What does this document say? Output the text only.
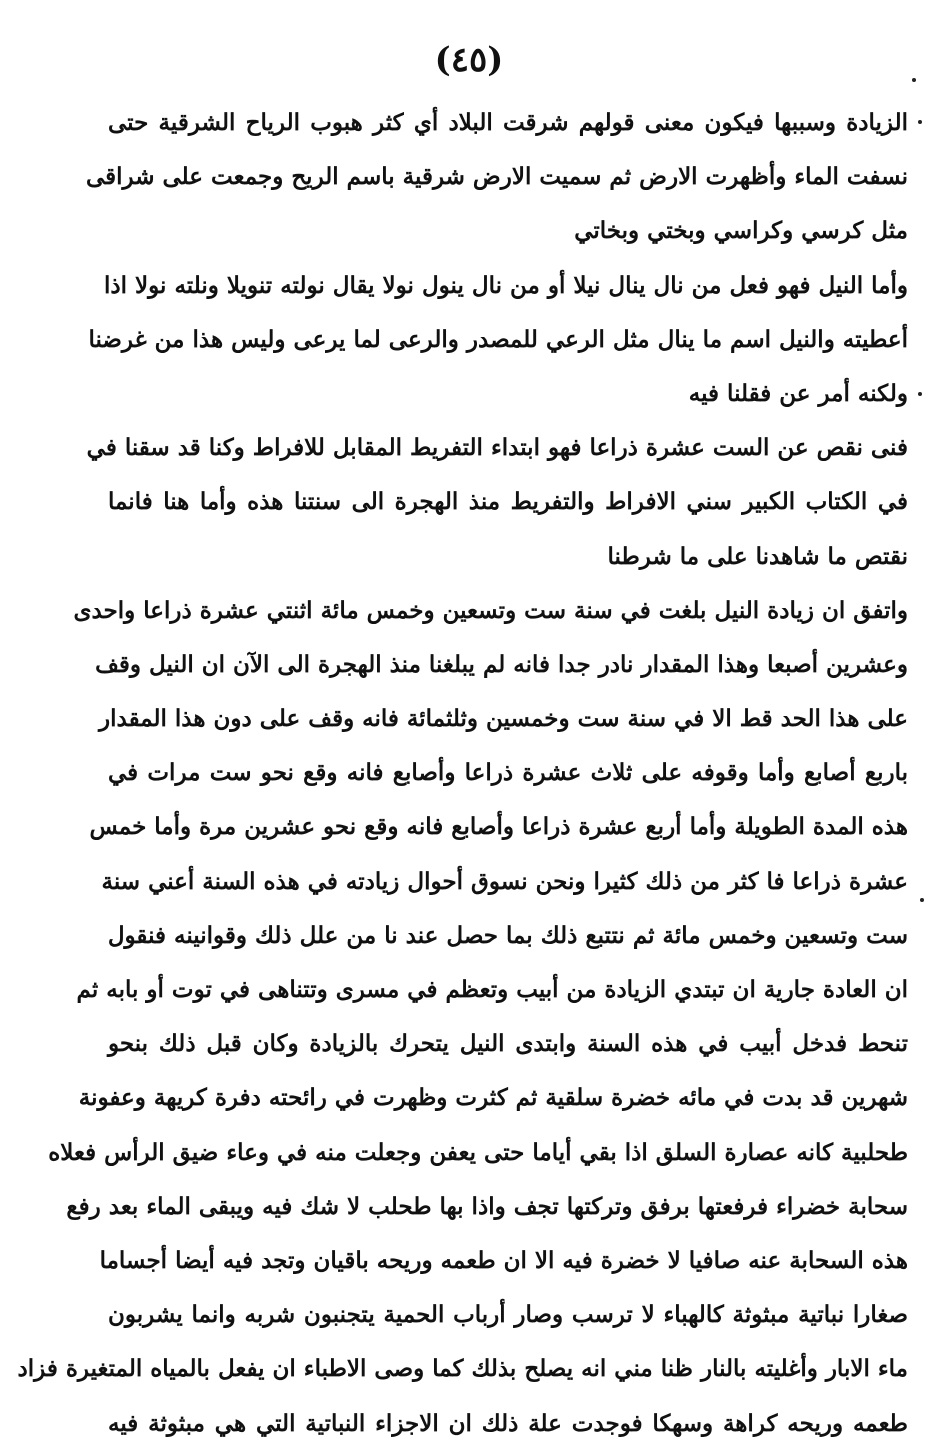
(٤٥)
الزيادة وسببها فيكون معنى قولهم شرقت البلاد أي كثر هبوب الرياح الشرقية حتى
نسفت الماء وأظهرت الارض ثم سميت الارض شرقية باسم الريح وجمعت على شراقى
مثل كرسي وكراسي وبختي وبخاتي
وأما النيل فهو فعل من نال ينال نيلا أو من نال ينول نولا يقال نولته تنويلا ونلته نولا اذا
أعطيته والنيل اسم ما ينال مثل الرعي للمصدر والرعى لما يرعى وليس هذا من غرضنا
ولكنه أمر عن فقلنا فيه
فنى نقص عن الست عشرة ذراعا فهو ابتداء التفريط المقابل للافراط وكنا قد سقنا في
في الكتاب الكبير سني الافراط والتفريط منذ الهجرة الى سنتنا هذه وأما هنا فانما
نقتص ما شاهدنا على ما شرطنا
واتفق ان زيادة النيل بلغت في سنة ست وتسعين وخمس مائة اثنتي عشرة ذراعا واحدى
وعشرين أصبعا وهذا المقدار نادر جدا فانه لم يبلغنا منذ الهجرة الى الآن ان النيل وقف
على هذا الحد قط الا في سنة ست وخمسين وثلثمائة فانه وقف على دون هذا المقدار
باربع أصابع وأما وقوفه على ثلاث عشرة ذراعا وأصابع فانه وقع نحو ست مرات في
هذه المدة الطويلة وأما أربع عشرة ذراعا وأصابع فانه وقع نحو عشرين مرة وأما خمس
عشرة ذراعا فا كثر من ذلك كثيرا ونحن نسوق أحوال زيادته في هذه السنة أعني سنة
ست وتسعين وخمس مائة ثم نتتبع ذلك بما حصل عند نا من علل ذلك وقوانينه فنقول
ان العادة جارية ان تبتدي الزيادة من أبيب وتعظم في مسرى وتتناهى في توت أو بابه ثم
تنحط فدخل أبيب في هذه السنة وابتدى النيل يتحرك بالزيادة وكان قبل ذلك بنحو
شهرين قد بدت في مائه خضرة سلقية ثم كثرت وظهرت في رائحته دفرة كريهة وعفونة
طحلبية كانه عصارة السلق اذا بقي أياما حتى يعفن وجعلت منه في وعاء ضيق الرأس فعلاه
سحابة خضراء فرفعتها برفق وتركتها تجف واذا بها طحلب لا شك فيه ويبقى الماء بعد رفع
هذه السحابة عنه صافيا لا خضرة فيه الا ان طعمه وريحه باقيان وتجد فيه أيضا أجساما
صغارا نباتية مبثوثة كالهباء لا ترسب وصار أرباب الحمية يتجنبون شربه وانما يشربون
ماء الابار وأغليته بالنار ظنا مني انه يصلح بذلك كما وصى الاطباء ان يفعل بالمياه المتغيرة فزاد
طعمه وريحه كراهة وسهكا فوجدت علة ذلك ان الاجزاء النباتية التي هي مبثوثة فيه
